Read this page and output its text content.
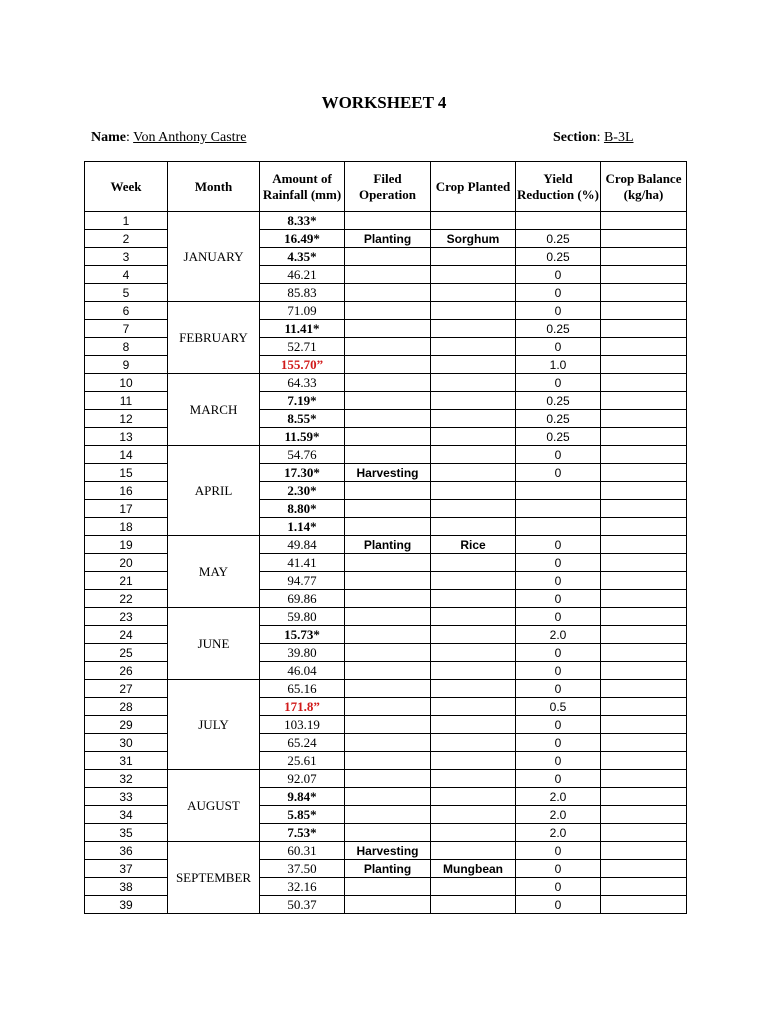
WORKSHEET 4
Name: Von Anthony Castre	Section: B-3L
Week	Month	Amount of Rainfall (mm)	Filed Operation	Crop Planted	Yield Reduction (%)	Crop Balance (kg/ha)
1	JANUARY	8.33*				
2		16.49*	Planting	Sorghum	0.25	
3		4.35*			0.25	
4		46.21			0	
5		85.83			0	
6	FEBRUARY	71.09			0	
7		11.41*			0.25	
8		52.71			0	
9		155.70”			1.0	
10	MARCH	64.33			0	
11		7.19*			0.25	
12		8.55*			0.25	
13		11.59*			0.25	
14	APRIL	54.76			0	
15		17.30*	Harvesting		0	
16		2.30*				
17		8.80*				
18		1.14*				
19	MAY	49.84	Planting	Rice	0	
20		41.41			0	
21		94.77			0	
22		69.86			0	
23	JUNE	59.80			0	
24		15.73*			2.0	
25		39.80			0	
26		46.04			0	
27	JULY	65.16			0	
28		171.8”			0.5	
29		103.19			0	
30		65.24			0	
31		25.61			0	
32	AUGUST	92.07			0	
33		9.84*			2.0	
34		5.85*			2.0	
35		7.53*			2.0	
36	SEPTEMBER	60.31	Harvesting		0	
37		37.50	Planting	Mungbean	0	
38		32.16			0	
39		50.37			0	
